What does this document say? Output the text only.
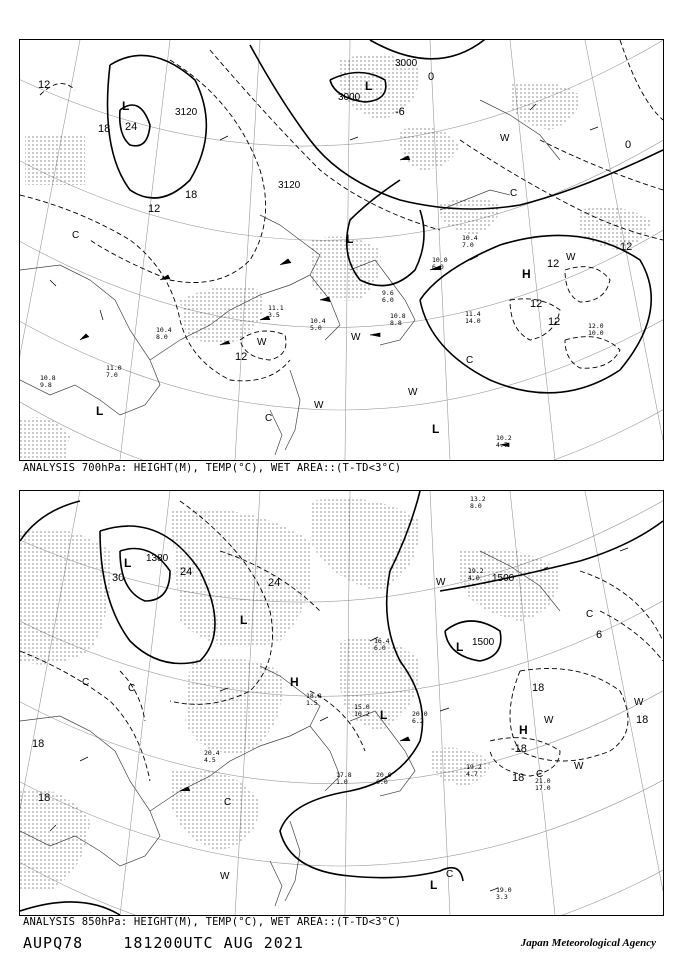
3120
3120
3000
3000
12
18 24
18
12
12
12
12
12
12
-6
0
0
L
L
L
L
L
H
C
C
C
C
W	W
W
W
W
W
10.8
9.8
11.1
3.5
10.4
5.0
10.4
8.0
10.8
8.8
11.4
14.0
10.2
4.7
10.0
6.0
9.6
6.0
11.0
7.0
12.0
10.0
10.4
7.0
ANALYSIS 700hPa: HEIGHT(M), TEMP(°C), WET AREA::(T-TD<3°C)
1380
1500
1500
30	24
24
18
18
18
18
-18
18
6
L
L
L
L
H
H
L
C
C
C
C
C
C
W
W
W
W
W
19.2
4.7
21.0
17.0
19.0
3.3
20.0
6.0
17.8
1.0
20.4
4.5
18.8
1.5	15.0
10.2	20.0
6.2
19.2
4.0
16.4
6.0
13.2
8.0
ANALYSIS 850hPa: HEIGHT(M), TEMP(°C), WET AREA::(T-TD<3°C)
AUPQ78	181200UTC AUG 2021	Japan Meteorological Agency
